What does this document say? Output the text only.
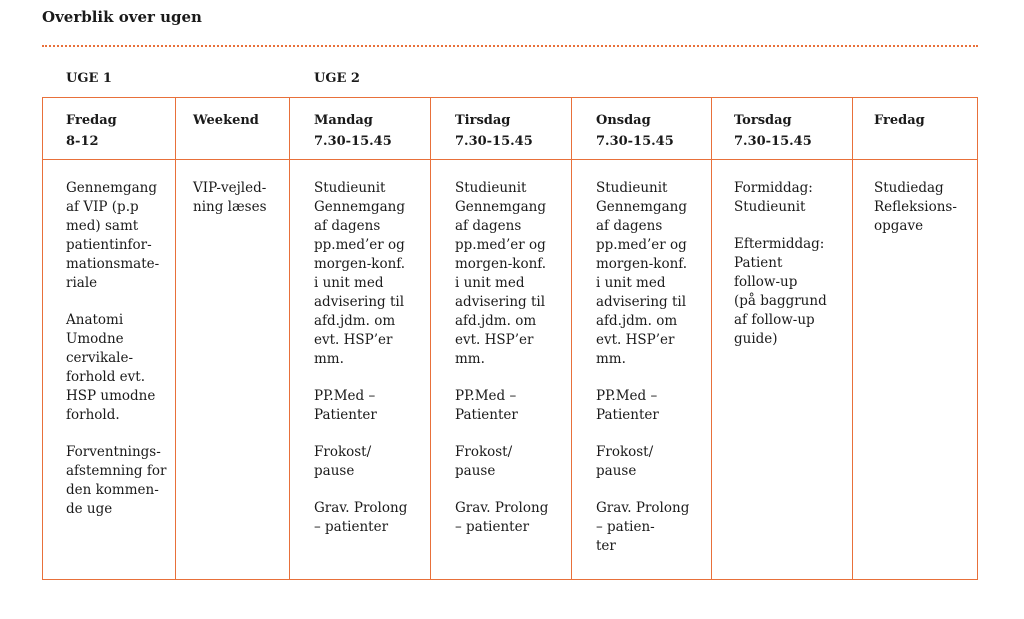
Overblik over ugen
UGE 1	UGE 2
Fredag
8-12

Gennemgang
af VIP (p.p
med) samt
patientinfor-
mationsmate-
riale

Anatomi
Umodne
cervikale-
forhold evt.
HSP umodne
forhold.

Forventnings-
afstemning for
den kommen-
de uge

Weekend

VIP-vejled-
ning læses

Mandag
7.30-15.45

Studieunit
Gennemgang
af dagens
pp.med’er og
morgen-konf.
i unit med
advisering til
afd.jdm. om
evt. HSP’er
mm.

PP.Med –
Patienter

Frokost/
pause

Grav. Prolong
– patienter

Tirsdag
7.30-15.45

Studieunit
Gennemgang
af dagens
pp.med’er og
morgen-konf.
i unit med
advisering til
afd.jdm. om
evt. HSP’er
mm.

PP.Med –
Patienter

Frokost/
pause

Grav. Prolong
– patienter

Onsdag
7.30-15.45

Studieunit
Gennemgang
af dagens
pp.med’er og
morgen-konf.
i unit med
advisering til
afd.jdm. om
evt. HSP’er
mm.

PP.Med –
Patienter

Frokost/
pause

Grav. Prolong
– patien-
ter

Torsdag
7.30-15.45

Formiddag:
Studieunit

Eftermiddag:
Patient
follow-up
(på baggrund
af follow-up
guide)

Fredag

Studiedag
Refleksions-
opgave
